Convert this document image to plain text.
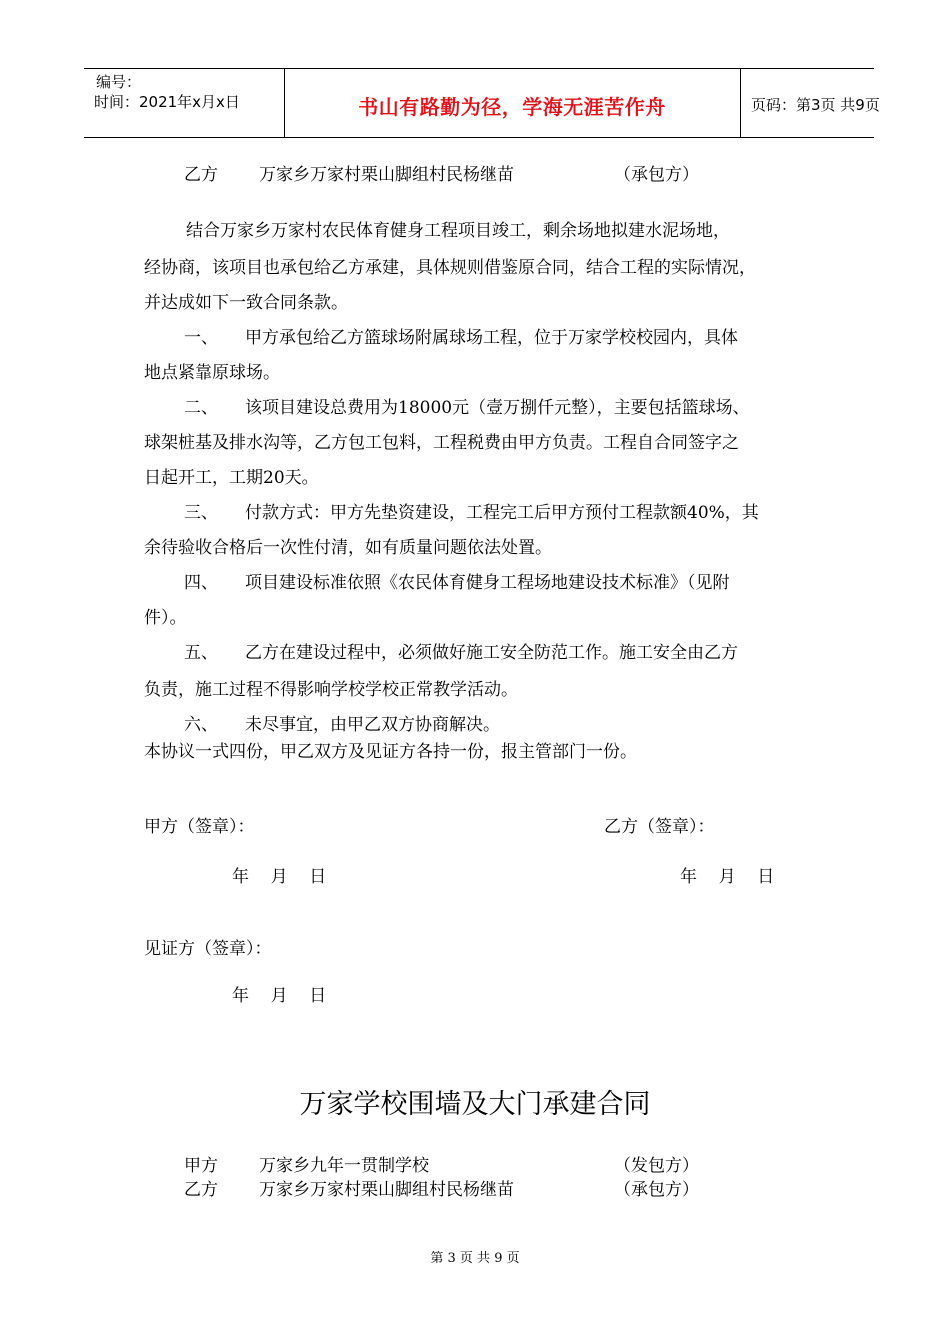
编号：
时间：2021年x月x日	书山有路勤为径，学海无涯苦作舟	页码：第3页 共9页
乙方 万家乡万家村栗山脚组村民杨继苗	（承包方）
结合万家乡万家村农民体育健身工程项目竣工，剩余场地拟建水泥场地，
经协商，该项目也承包给乙方承建，具体规则借鉴原合同，结合工程的实际情况，
并达成如下一致合同条款。
一、 甲方承包给乙方篮球场附属球场工程，位于万家学校校园内，具体
地点紧靠原球场。
二、 该项目建设总费用为18000元（壹万捌仟元整），主要包括篮球场、
球架桩基及排水沟等，乙方包工包料，工程税费由甲方负责。工程自合同签字之
日起开工，工期20天。
三、 付款方式：甲方先垫资建设，工程完工后甲方预付工程款额40%，其
余待验收合格后一次性付清，如有质量问题依法处置。
四、 项目建设标准依照《农民体育健身工程场地建设技术标准》（见附
件）。
五、 乙方在建设过程中，必须做好施工安全防范工作。施工安全由乙方
负责，施工过程不得影响学校学校正常教学活动。
六、 未尽事宜，由甲乙双方协商解决。
本协议一式四份，甲乙双方及见证方各持一份，报主管部门一份。
甲方（签章）：	乙方（签章）：
年    月    日	年    月    日
见证方（签章）：
年    月    日
万家学校围墙及大门承建合同
甲方 万家乡九年一贯制学校	（发包方）
乙方 万家乡万家村栗山脚组村民杨继苗	（承包方）
第 3 页 共 9 页
